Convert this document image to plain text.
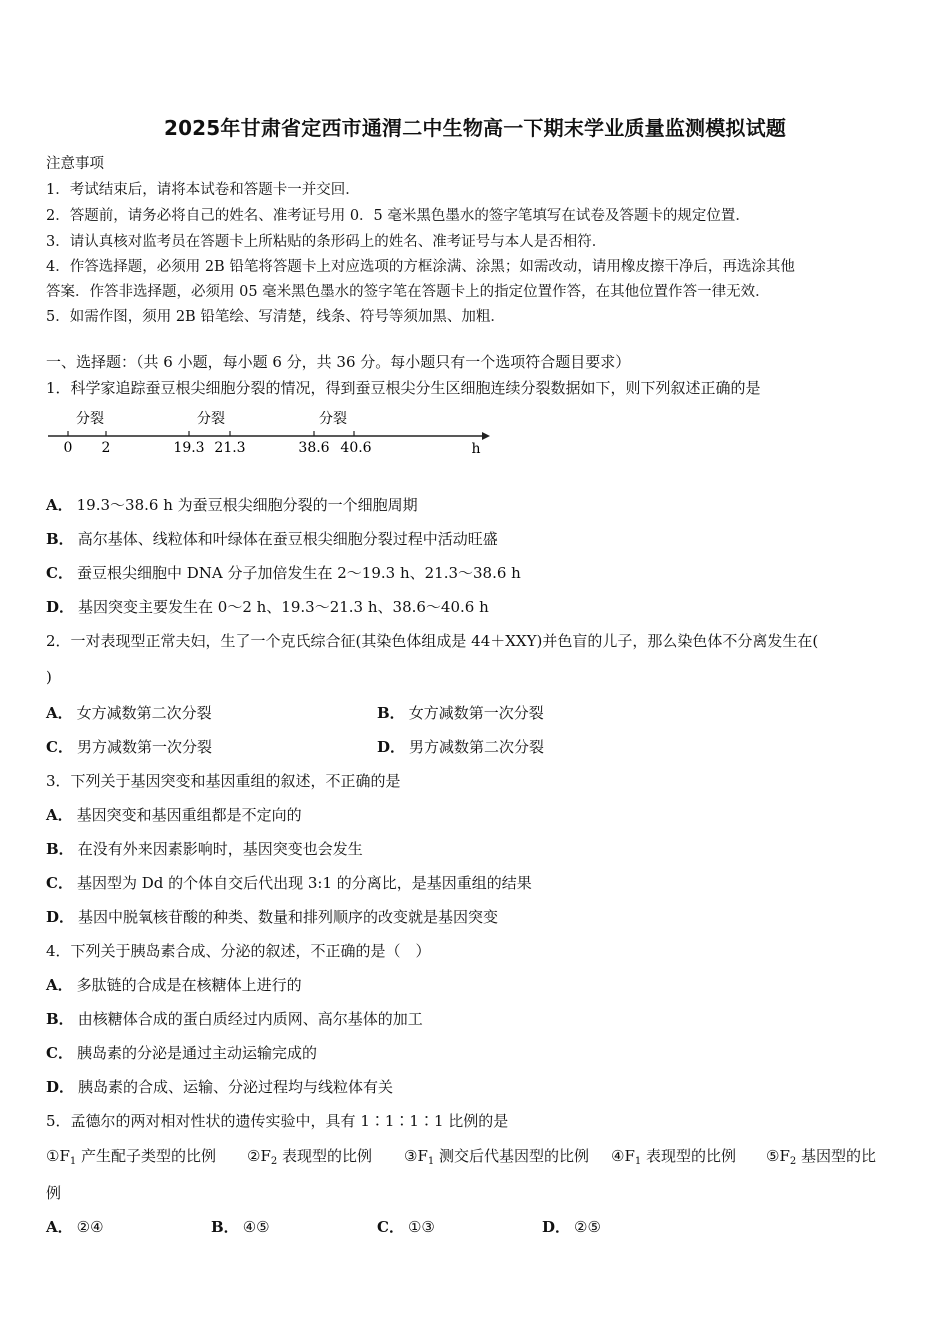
2025年甘肃省定西市通渭二中生物高一下期末学业质量监测模拟试题
注意事项
1．考试结束后，请将本试卷和答题卡一并交回．
2．答题前，请务必将自己的姓名、准考证号用 0．5 毫米黑色墨水的签字笔填写在试卷及答题卡的规定位置．
3．请认真核对监考员在答题卡上所粘贴的条形码上的姓名、准考证号与本人是否相符．
4．作答选择题，必须用 2B 铅笔将答题卡上对应选项的方框涂满、涂黑；如需改动，请用橡皮擦干净后，再选涂其他
答案．作答非选择题，必须用 05 毫米黑色墨水的签字笔在答题卡上的指定位置作答，在其他位置作答一律无效．
5．如需作图，须用 2B 铅笔绘、写清楚，线条、符号等须加黑、加粗．
一、选择题：（共 6 小题，每小题 6 分，共 36 分。每小题只有一个选项符合题目要求）
1．科学家追踪蚕豆根尖细胞分裂的情况，得到蚕豆根尖分生区细胞连续分裂数据如下，则下列叙述正确的是
分裂	分裂	分裂
0 2	19.3 21.3	38.6 40.6	h
A． 19.3～38.6 h 为蚕豆根尖细胞分裂的一个细胞周期
B． 高尔基体、线粒体和叶绿体在蚕豆根尖细胞分裂过程中活动旺盛
C． 蚕豆根尖细胞中 DNA 分子加倍发生在 2～19.3 h、21.3～38.6 h
D． 基因突变主要发生在 0～2 h、19.3～21.3 h、38.6～40.6 h
2．一对表现型正常夫妇，生了一个克氏综合征(其染色体组成是 44＋XXY)并色盲的儿子，那么染色体不分离发生在(
)
A． 女方减数第二次分裂	B． 女方减数第一次分裂
C． 男方减数第一次分裂	D． 男方减数第二次分裂
3．下列关于基因突变和基因重组的叙述，不正确的是
A． 基因突变和基因重组都是不定向的
B． 在没有外来因素影响时，基因突变也会发生
C． 基因型为 Dd 的个体自交后代出现 3:1 的分离比，是基因重组的结果
D． 基因中脱氧核苷酸的种类、数量和排列顺序的改变就是基因突变
4．下列关于胰岛素合成、分泌的叙述，不正确的是（　）
A． 多肽链的合成是在核糖体上进行的
B． 由核糖体合成的蛋白质经过内质网、高尔基体的加工
C． 胰岛素的分泌是通过主动运输完成的
D． 胰岛素的合成、运输、分泌过程均与线粒体有关
5．孟德尔的两对相对性状的遗传实验中，具有 1∶1∶1∶1 比例的是
$①F_1$ 产生配子类型的比例 $②F_2$ 表现型的比例 $③F_1$ 测交后代基因型的比例 $④F_1$ 表现型的比例 $⑤F_2$ 基因型的比
例
A． ②④	B． ④⑤	C． ①③	D． ②⑤
